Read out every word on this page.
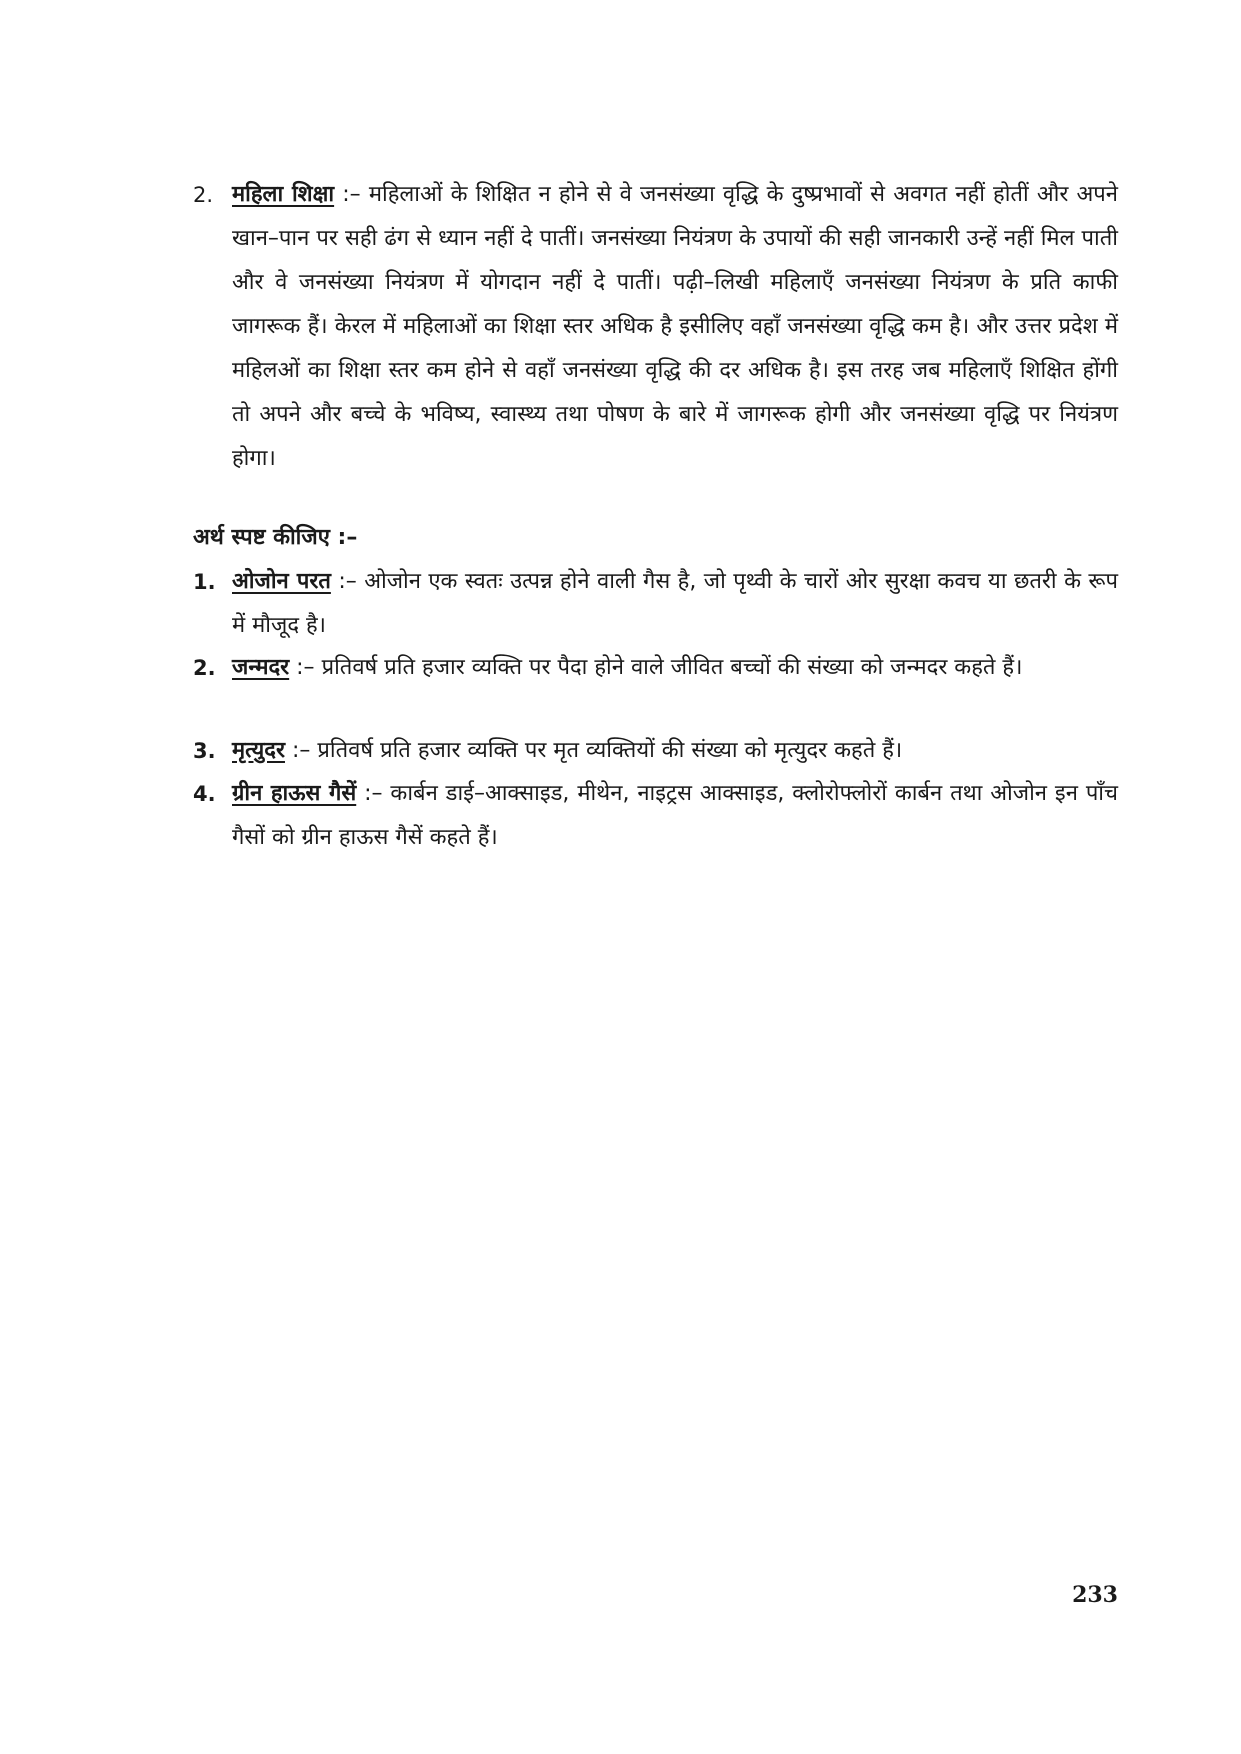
2. महिला शिक्षा :– महिलाओं के शिक्षित न होने से वे जनसंख्या वृद्धि के दुष्प्रभावों से अवगत नहीं होतीं और अपने खान–पान पर सही ढंग से ध्यान नहीं दे पातीं। जनसंख्या नियंत्रण के उपायों की सही जानकारी उन्हें नहीं मिल पाती और वे जनसंख्या नियंत्रण में योगदान नहीं दे पातीं। पढ़ी–लिखी महिलाएँ जनसंख्या नियंत्रण के प्रति काफी जागरूक हैं। केरल में महिलाओं का शिक्षा स्तर अधिक है इसीलिए वहाँ जनसंख्या वृद्धि कम है। और उत्तर प्रदेश में महिलओं का शिक्षा स्तर कम होने से वहाँ जनसंख्या वृद्धि की दर अधिक है। इस तरह जब महिलाएँ शिक्षित होंगी तो अपने और बच्चे के भविष्य, स्वास्थ्य तथा पोषण के बारे में जागरूक होगी और जनसंख्या वृद्धि पर नियंत्रण होगा।
अर्थ स्पष्ट कीजिए :–
1. ओजोन परत :– ओजोन एक स्वतः उत्पन्न होने वाली गैस है, जो पृथ्वी के चारों ओर सुरक्षा कवच या छतरी के रूप में मौजूद है।
2. जन्मदर :– प्रतिवर्ष प्रति हजार व्यक्ति पर पैदा होने वाले जीवित बच्चों की संख्या को जन्मदर कहते हैं।
3. मृत्युदर :– प्रतिवर्ष प्रति हजार व्यक्ति पर मृत व्यक्तियों की संख्या को मृत्युदर कहते हैं।
4. ग्रीन हाऊस गैसें :– कार्बन डाई–आक्साइड, मीथेन, नाइट्रस आक्साइड, क्लोरोफ्लोरों कार्बन तथा ओजोन इन पाँच गैसों को ग्रीन हाऊस गैसें कहते हैं।
233
